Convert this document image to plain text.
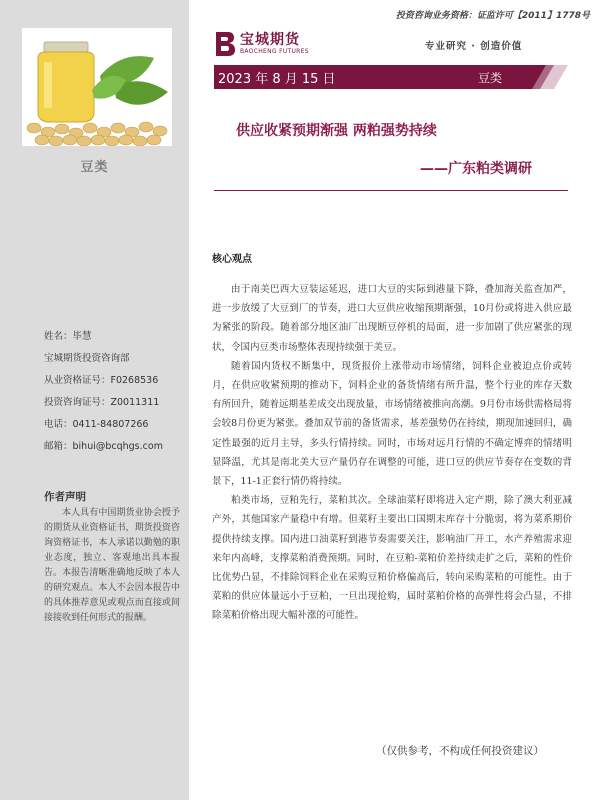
豆类
姓名：毕慧
宝城期货投资咨询部
从业资格证号：F0268536
投资咨询证号：Z0011311
电话：0411-84807266
邮箱：bihui@bcqhgs.com
作者声明
本人具有中国期货业协会授予的期货从业资格证书，期货投资咨询资格证书，本人承诺以勤勉的职业态度，独立、客观地出具本报告。本报告清晰准确地反映了本人的研究观点。本人不会因本报告中的具体推荐意见或观点而直接或间接接收到任何形式的报酬。
投资咨询业务资格：证监许可【2011】1778号
宝城期货
BAOCHENG FUTURES	专业研究 · 创造价值
2023 年 8 月 15 日	豆类
供应收紧预期渐强 两粕强势持续
——广东粕类调研
核心观点

由于南美巴西大豆装运延迟，进口大豆的实际到港量下降，叠加海关监查加严，进一步放缓了大豆到厂的节奏，进口大豆供应收缩预期渐强，10月份或将进入供应最为紧张的阶段。随着部分地区油厂出现断豆停机的局面，进一步加剧了供应紧张的现状，令国内豆类市场整体表现持续强于美豆。

随着国内货权不断集中，现货报价上涨带动市场情绪，饲料企业被迫点价或转月，在供应收紧预期的推动下，饲料企业的备货情绪有所升温，整个行业的库存天数有所回升，随着远期基差成交出现放量，市场情绪被推向高潮。9月份市场供需格局将会较8月份更为紧张。叠加双节前的备货需求，基差强势仍在持续，期现加速回归，确定性最强的近月主导，多头行情持续。同时，市场对远月行情的不确定博弈的情绪明显降温，尤其是南北美大豆产量仍存在调整的可能，进口豆的供应节奏存在变数的背景下，11-1正套行情仍将持续。

粕类市场，豆粕先行，菜粕其次。全球油菜籽即将进入定产期，除了澳大利亚减产外，其他国家产量稳中有增。但菜籽主要出口国期末库存十分脆弱，将为菜系期价提供持续支撑。国内进口油菜籽到港节奏需要关注，影响油厂开工，水产养殖需求迎来年内高峰，支撑菜粕消费预期。同时，在豆粕-菜粕价差持续走扩之后，菜粕的性价比优势凸显，不排除饲料企业在采购豆粕价格偏高后，转向采购菜粕的可能性。由于菜粕的供应体量远小于豆粕，一旦出现抢购，届时菜粕价格的高弹性将会凸显，不排除菜粕价格出现大幅补涨的可能性。

（仅供参考，不构成任何投资建议）
